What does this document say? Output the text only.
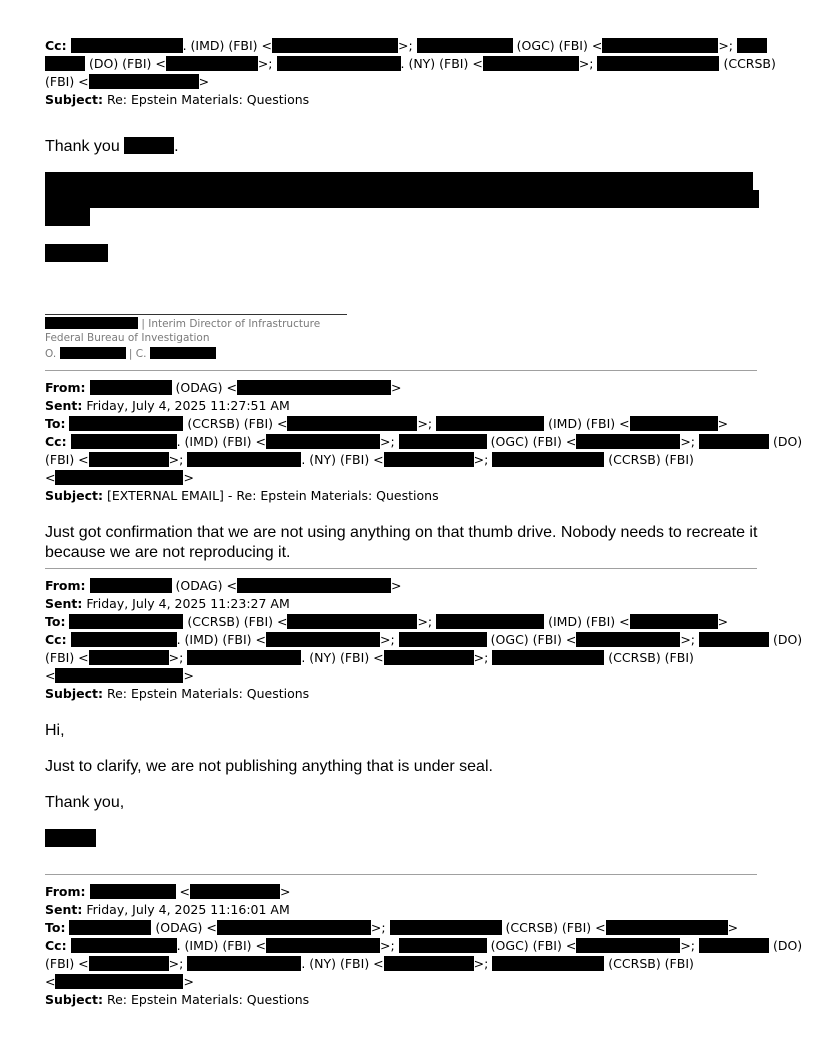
Cc:	. (IMD) (FBI) <	>;	(OGC) (FBI) <	>;
(DO) (FBI) <	>;	. (NY) (FBI) <	>;	(CCRSB)
(FBI) <	>
Subject: Re: Epstein Materials: Questions
Thank you	.
| Interim Director of Infrastructure
Federal Bureau of Investigation
O.	| C.
From:	(ODAG) <	>
Sent: Friday, July 4, 2025 11:27:51 AM
To:	(CCRSB) (FBI) <	>;	(IMD) (FBI) <	>
Cc:	. (IMD) (FBI) <	>;	(OGC) (FBI) <	>;	(DO)
(FBI) <	>;	. (NY) (FBI) <	>;	(CCRSB) (FBI)
<	>
Subject: [EXTERNAL EMAIL] - Re: Epstein Materials: Questions
Just got confirmation that we are not using anything on that thumb drive. Nobody needs to recreate it
because we are not reproducing it.
From:	(ODAG) <	>
Sent: Friday, July 4, 2025 11:23:27 AM
To:	(CCRSB) (FBI) <	>;	(IMD) (FBI) <	>
Cc:	. (IMD) (FBI) <	>;	(OGC) (FBI) <	>;	(DO)
(FBI) <	>;	. (NY) (FBI) <	>;	(CCRSB) (FBI)
<	>
Subject: Re: Epstein Materials: Questions
Hi,
Just to clarify, we are not publishing anything that is under seal.
Thank you,
From:	<	>
Sent: Friday, July 4, 2025 11:16:01 AM
To:	(ODAG) <	>;	(CCRSB) (FBI) <	>
Cc:	. (IMD) (FBI) <	>;	(OGC) (FBI) <	>;	(DO)
(FBI) <	>;	. (NY) (FBI) <	>;	(CCRSB) (FBI)
<	>
Subject: Re: Epstein Materials: Questions
